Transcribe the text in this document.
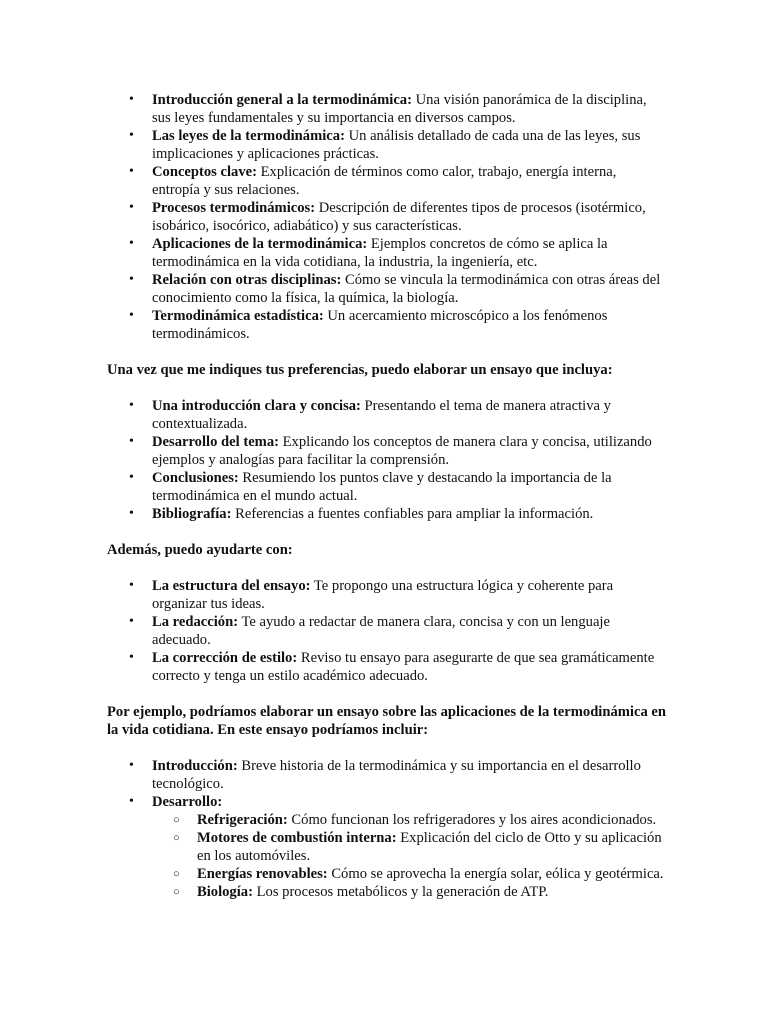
• Introducción general a la termodinámica: Una visión panorámica de la disciplina, sus leyes fundamentales y su importancia en diversos campos.
• Las leyes de la termodinámica: Un análisis detallado de cada una de las leyes, sus implicaciones y aplicaciones prácticas.
• Conceptos clave: Explicación de términos como calor, trabajo, energía interna, entropía y sus relaciones.
• Procesos termodinámicos: Descripción de diferentes tipos de procesos (isotérmico, isobárico, isocórico, adiabático) y sus características.
• Aplicaciones de la termodinámica: Ejemplos concretos de cómo se aplica la termodinámica en la vida cotidiana, la industria, la ingeniería, etc.
• Relación con otras disciplinas: Cómo se vincula la termodinámica con otras áreas del conocimiento como la física, la química, la biología.
• Termodinámica estadística: Un acercamiento microscópico a los fenómenos termodinámicos.

Una vez que me indiques tus preferencias, puedo elaborar un ensayo que incluya:

• Una introducción clara y concisa: Presentando el tema de manera atractiva y contextualizada.
• Desarrollo del tema: Explicando los conceptos de manera clara y concisa, utilizando ejemplos y analogías para facilitar la comprensión.
• Conclusiones: Resumiendo los puntos clave y destacando la importancia de la termodinámica en el mundo actual.
• Bibliografía: Referencias a fuentes confiables para ampliar la información.

Además, puedo ayudarte con:

• La estructura del ensayo: Te propongo una estructura lógica y coherente para organizar tus ideas.
• La redacción: Te ayudo a redactar de manera clara, concisa y con un lenguaje adecuado.
• La corrección de estilo: Reviso tu ensayo para asegurarte de que sea gramáticamente correcto y tenga un estilo académico adecuado.

Por ejemplo, podríamos elaborar un ensayo sobre las aplicaciones de la termodinámica en la vida cotidiana. En este ensayo podríamos incluir:

• Introducción: Breve historia de la termodinámica y su importancia en el desarrollo tecnológico.
• Desarrollo:
○ Refrigeración: Cómo funcionan los refrigeradores y los aires acondicionados.
○ Motores de combustión interna: Explicación del ciclo de Otto y su aplicación en los automóviles.
○ Energías renovables: Cómo se aprovecha la energía solar, eólica y geotérmica.
○ Biología: Los procesos metabólicos y la generación de ATP.
